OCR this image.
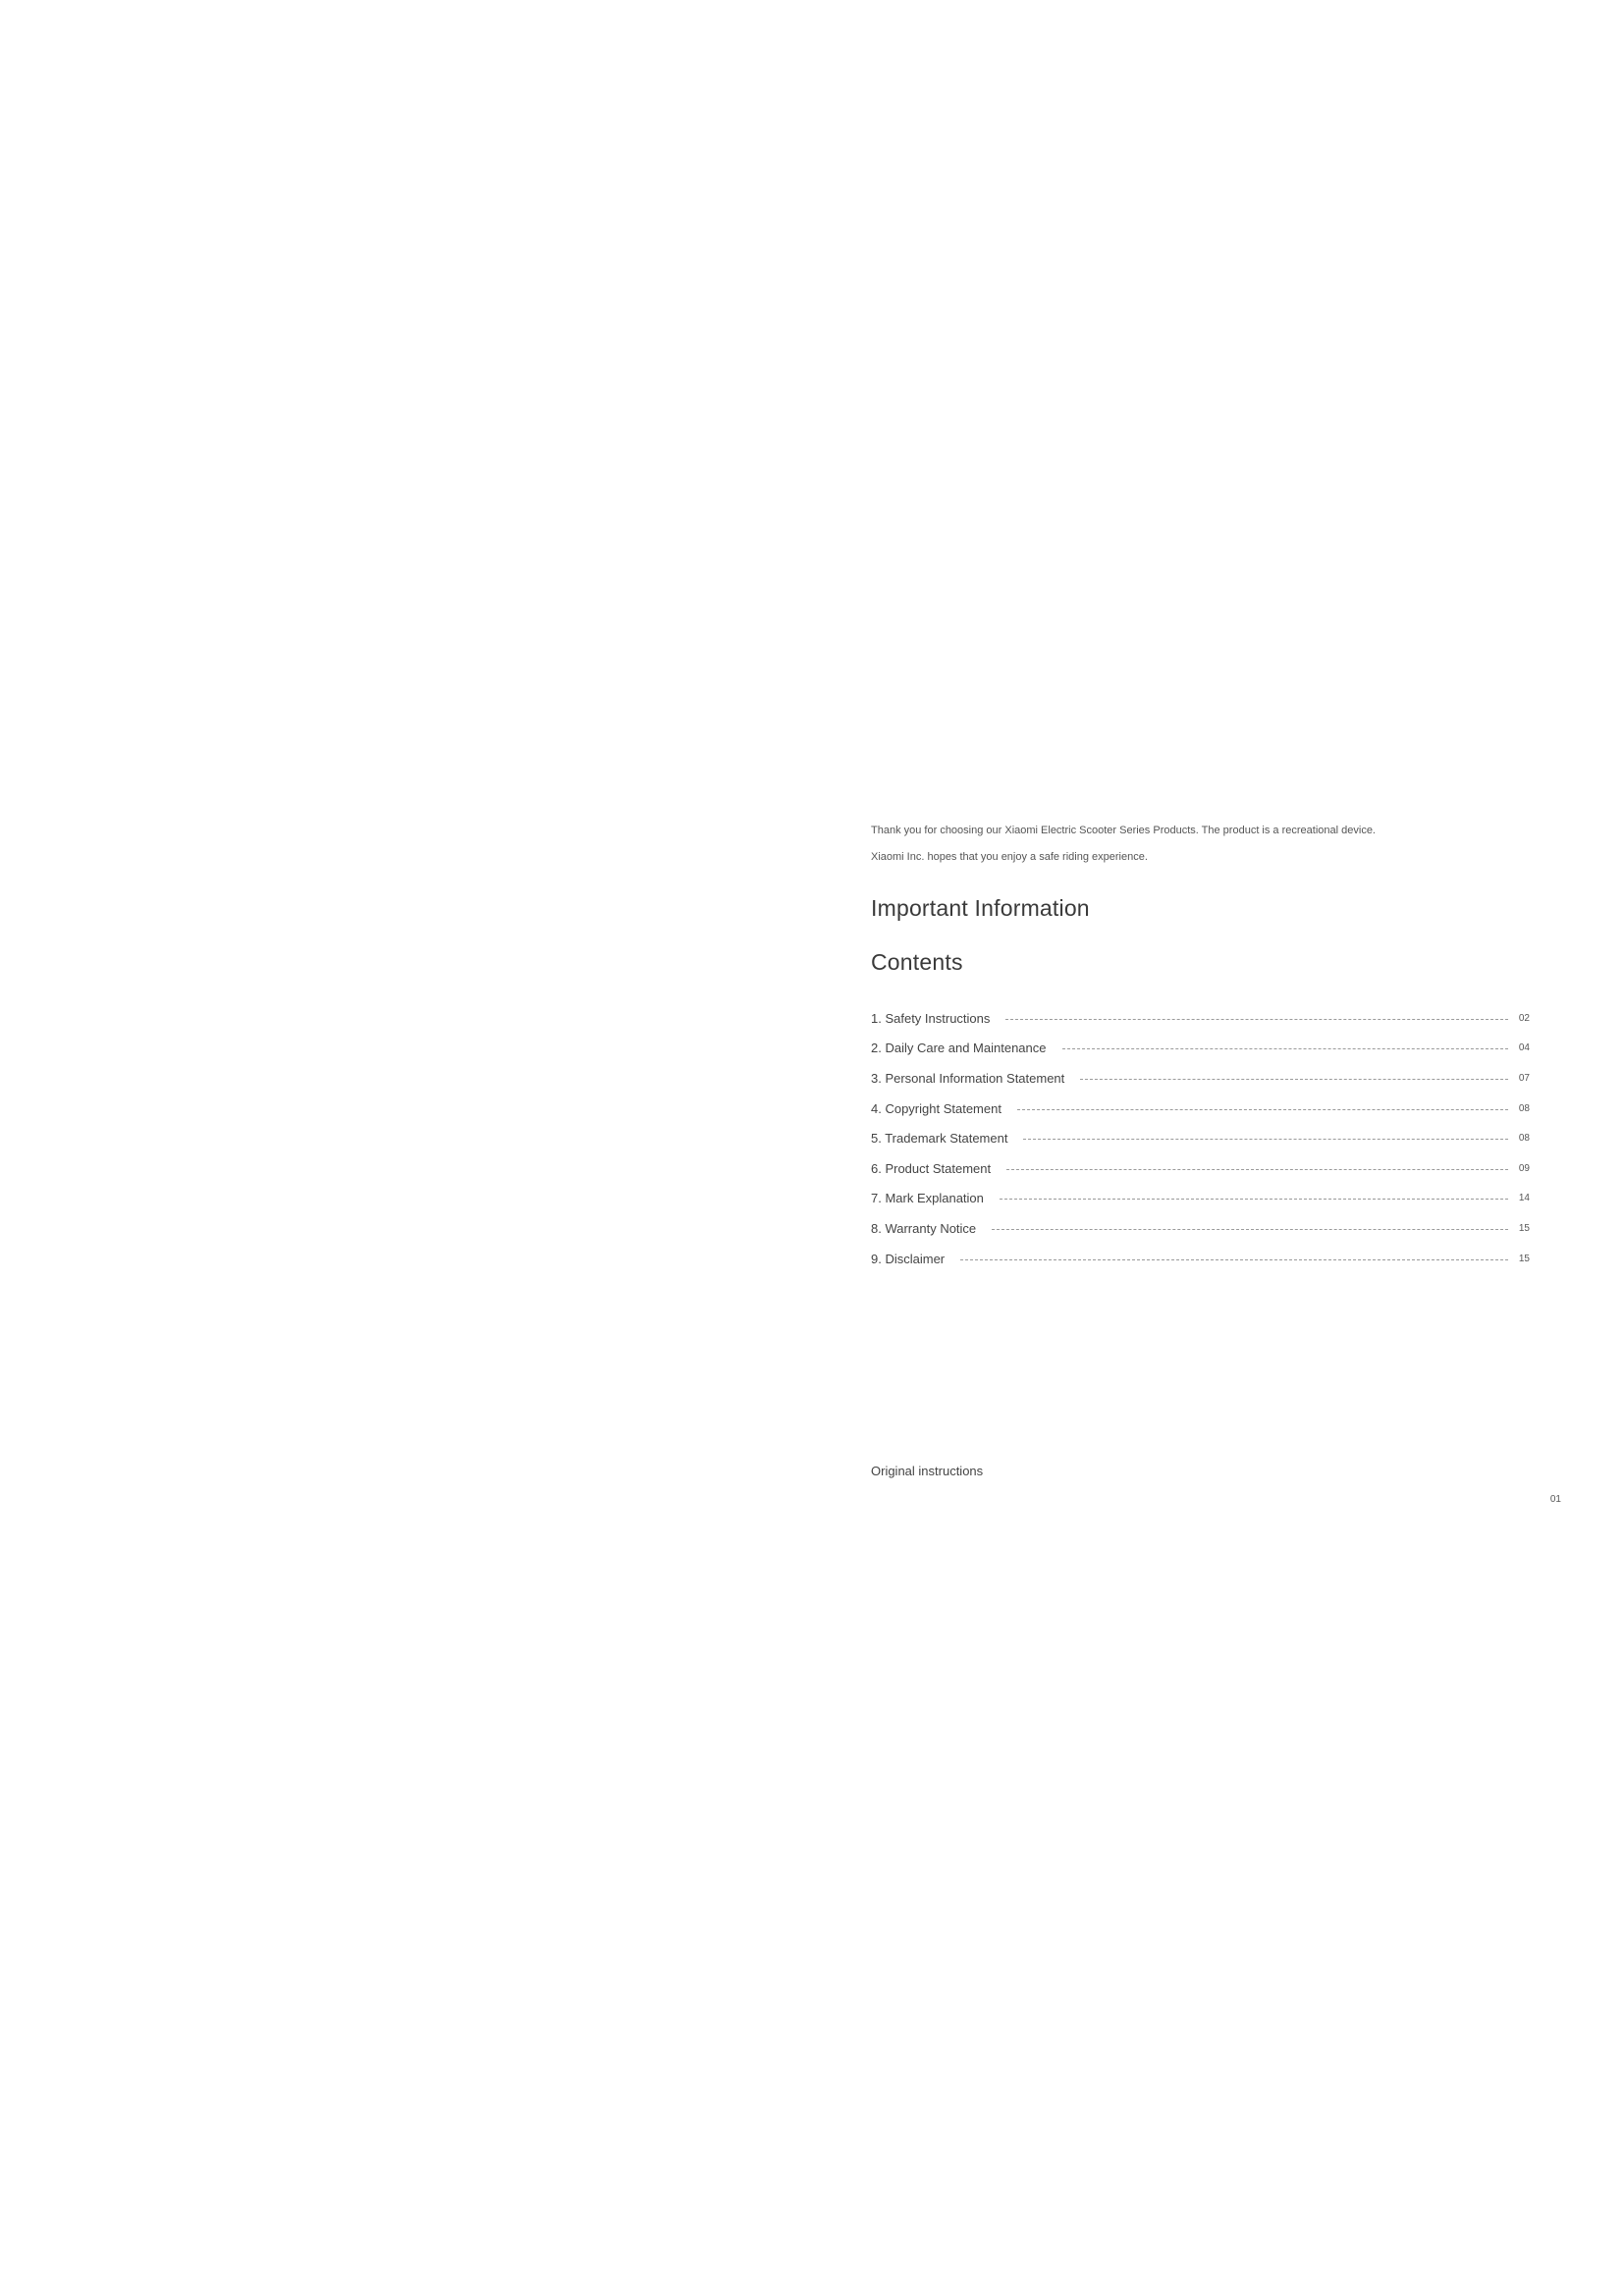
Thank you for choosing our Xiaomi Electric Scooter Series Products. The product is a recreational device.

Xiaomi Inc. hopes that you enjoy a safe riding experience.

Important Information
Contents
1. Safety Instructions	02
2. Daily Care and Maintenance	04
3. Personal Information Statement	07
4. Copyright Statement	08
5. Trademark Statement	08
6. Product Statement	09
7. Mark Explanation	14
8. Warranty Notice	15
9. Disclaimer	15
Original instructions
01
